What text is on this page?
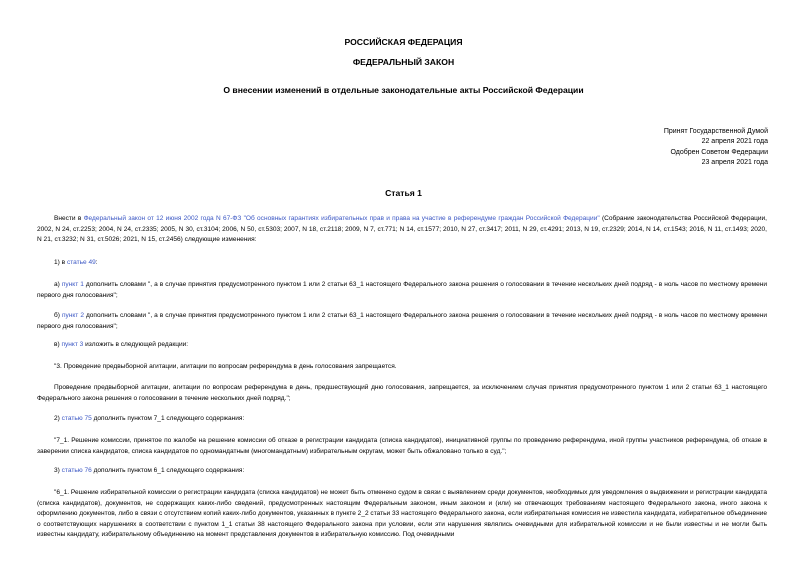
РОССИЙСКАЯ ФЕДЕРАЦИЯ
ФЕДЕРАЛЬНЫЙ ЗАКОН
О внесении изменений в отдельные законодательные акты Российской Федерации
Принят Государственной Думой
22 апреля 2021 года
Одобрен Советом Федерации
23 апреля 2021 года
Статья 1
Внести в Федеральный закон от 12 июня 2002 года N 67-ФЗ "Об основных гарантиях избирательных прав и права на участие в референдуме граждан Российской Федерации" (Собрание законодательства Российской Федерации, 2002, N 24, ст.2253; 2004, N 24, ст.2335; 2005, N 30, ст.3104; 2006, N 50, ст.5303; 2007, N 18, ст.2118; 2009, N 7, ст.771; N 14, ст.1577; 2010, N 27, ст.3417; 2011, N 29, ст.4291; 2013, N 19, ст.2329; 2014, N 14, ст.1543; 2016, N 11, ст.1493; 2020, N 21, ст.3232; N 31, ст.5026; 2021, N 15, ст.2456) следующие изменения:
1) в статье 49:
а) пункт 1 дополнить словами ", а в случае принятия предусмотренного пунктом 1 или 2 статьи 63_1 настоящего Федерального закона решения о голосовании в течение нескольких дней подряд - в ноль часов по местному времени первого дня голосования";
б) пункт 2 дополнить словами ", а в случае принятия предусмотренного пунктом 1 или 2 статьи 63_1 настоящего Федерального закона решения о голосовании в течение нескольких дней подряд - в ноль часов по местному времени первого дня голосования";
в) пункт 3 изложить в следующей редакции:
"3. Проведение предвыборной агитации, агитации по вопросам референдума в день голосования запрещается.
Проведение предвыборной агитации, агитации по вопросам референдума в день, предшествующий дню голосования, запрещается, за исключением случая принятия предусмотренного пунктом 1 или 2 статьи 63_1 настоящего Федерального закона решения о голосовании в течение нескольких дней подряд.";
2) статью 75 дополнить пунктом 7_1 следующего содержания:
"7_1. Решение комиссии, принятое по жалобе на решение комиссии об отказе в регистрации кандидата (списка кандидатов), инициативной группы по проведению референдума, иной группы участников референдума, об отказе в заверении списка кандидатов, списка кандидатов по одномандатным (многомандатным) избирательным округам, может быть обжаловано только в суд.";
3) статью 76 дополнить пунктом 6_1 следующего содержания:
"6_1. Решение избирательной комиссии о регистрации кандидата (списка кандидатов) не может быть отменено судом в связи с выявлением среди документов, необходимых для уведомления о выдвижении и регистрации кандидата (списка кандидатов), документов, не содержащих каких-либо сведений, предусмотренных настоящим Федеральным законом, иным законом и (или) не отвечающих требованиям настоящего Федерального закона, иного закона к оформлению документов, либо в связи с отсутствием копий каких-либо документов, указанных в пункте 2_2 статьи 33 настоящего Федерального закона, если избирательная комиссия не известила кандидата, избирательное объединение о соответствующих нарушениях в соответствии с пунктом 1_1 статьи 38 настоящего Федерального закона при условии, если эти нарушения являлись очевидными для избирательной комиссии и не были известны и не могли быть известны кандидату, избирательному объединению на момент представления документов в избирательную комиссию. Под очевидными
